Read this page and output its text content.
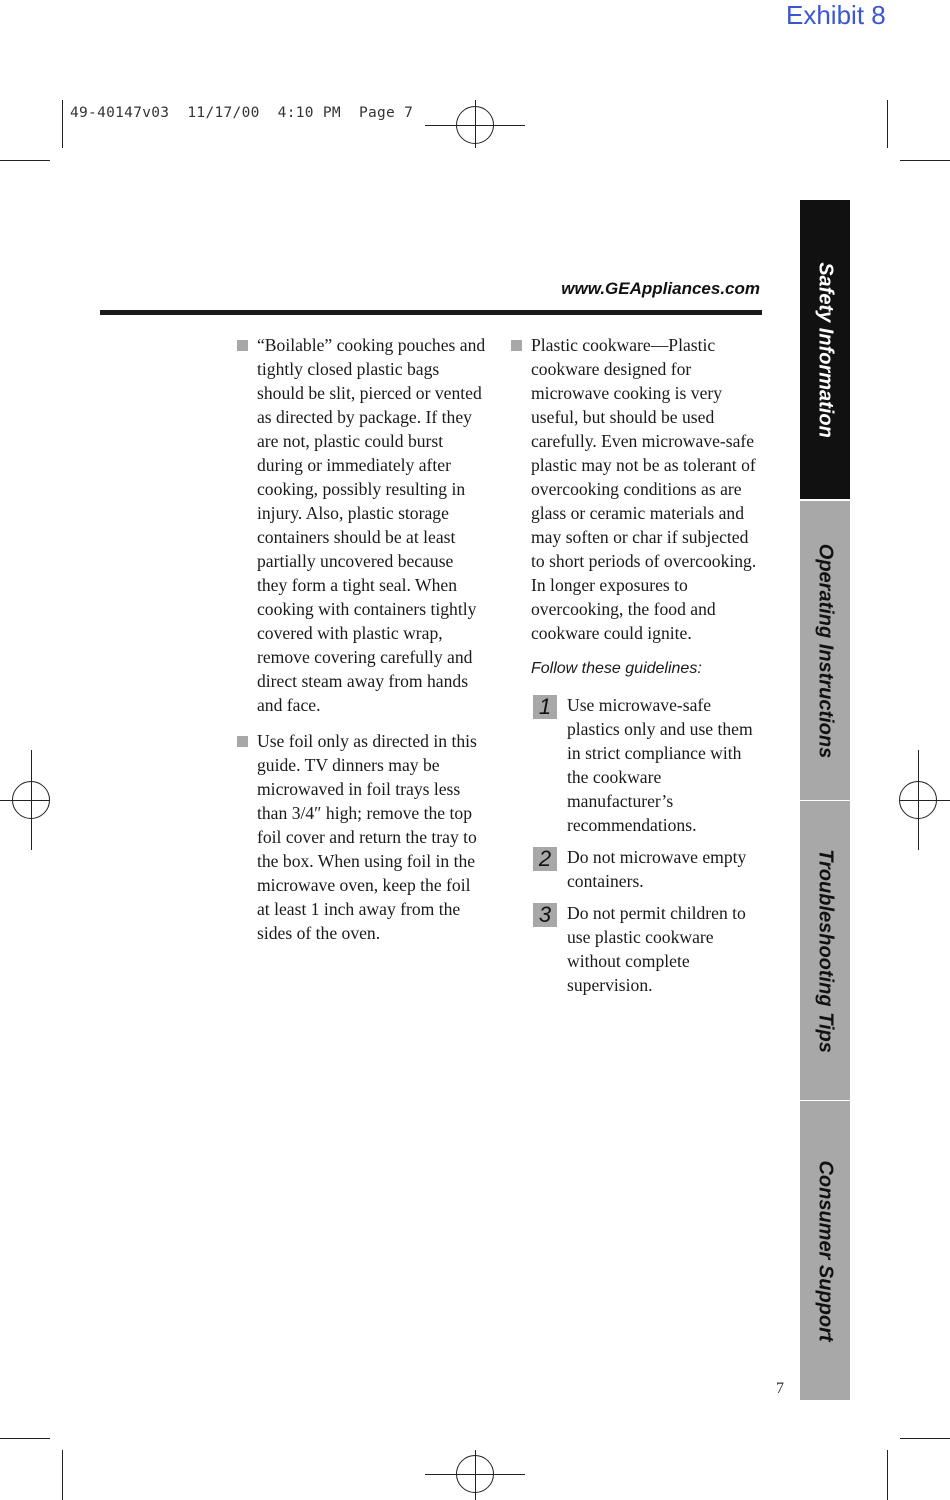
Exhibit 8
49-40147v03  11/17/00  4:10 PM  Page 7
www.GEAppliances.com

“Boilable” cooking pouches and tightly closed plastic bags should be slit, pierced or vented as directed by package. If they are not, plastic could burst during or immediately after cooking, possibly resulting in injury. Also, plastic storage containers should be at least partially uncovered because they form a tight seal. When cooking with containers tightly covered with plastic wrap, remove covering carefully and direct steam away from hands and face.

Use foil only as directed in this guide. TV dinners may be microwaved in foil trays less than 3/4″ high; remove the top foil cover and return the tray to the box. When using foil in the microwave oven, keep the foil at least 1 inch away from the sides of the oven.

Plastic cookware—Plastic cookware designed for microwave cooking is very useful, but should be used carefully. Even microwave-safe plastic may not be as tolerant of overcooking conditions as are glass or ceramic materials and may soften or char if subjected to short periods of overcooking. In longer exposures to overcooking, the food and cookware could ignite.

Follow these guidelines:

1 Use microwave-safe plastics only and use them in strict compliance with the cookware manufacturer’s recommendations.

2 Do not microwave empty containers.

3 Do not permit children to use plastic cookware without complete supervision.

Safety Information
Operating Instructions
Troubleshooting Tips
Consumer Support
7
